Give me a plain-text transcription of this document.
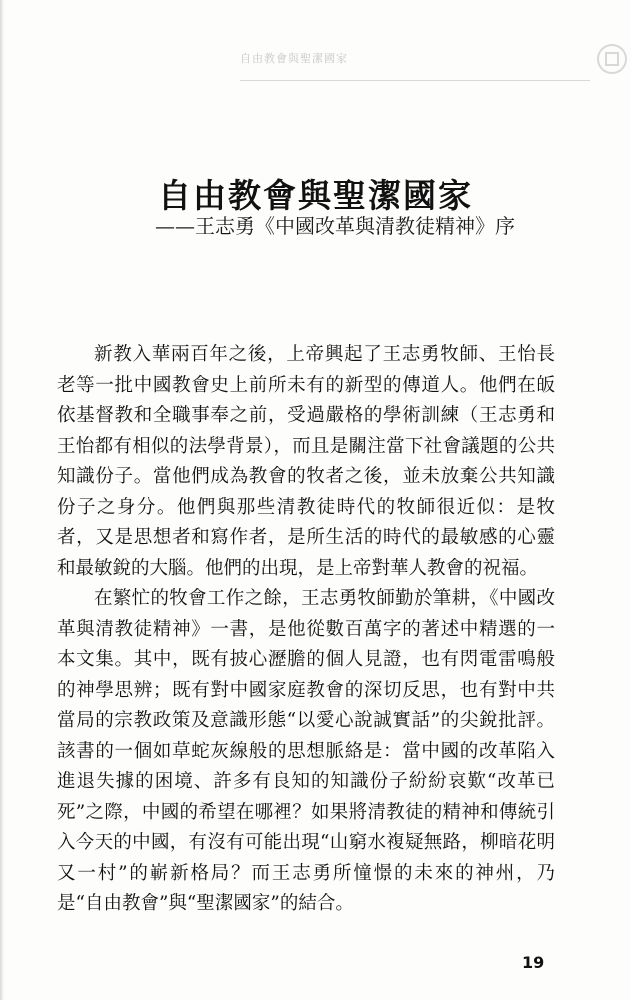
自由教會與聖潔國家
自由教會與聖潔國家
——王志勇《中國改革與清教徒精神》序

新教入華兩百年之後，上帝興起了王志勇牧師、王怡長老等一批中國教會史上前所未有的新型的傳道人。他們在皈依基督教和全職事奉之前，受過嚴格的學術訓練（王志勇和王怡都有相似的法學背景），而且是關注當下社會議題的公共知識份子。當他們成為教會的牧者之後，並未放棄公共知識份子之身分。他們與那些清教徒時代的牧師很近似：是牧者，又是思想者和寫作者，是所生活的時代的最敏感的心靈和最敏銳的大腦。他們的出現，是上帝對華人教會的祝福。

在繁忙的牧會工作之餘，王志勇牧師勤於筆耕，《中國改革與清教徒精神》一書，是他從數百萬字的著述中精選的一本文集。其中，既有披心瀝膽的個人見證，也有閃電雷鳴般的神學思辨；既有對中國家庭教會的深切反思，也有對中共當局的宗教政策及意識形態“以愛心說誠實話”的尖銳批評。該書的一個如草蛇灰線般的思想脈絡是：當中國的改革陷入進退失據的困境、許多有良知的知識份子紛紛哀歎“改革已死”之際，中國的希望在哪裡？如果將清教徒的精神和傳統引入今天的中國，有沒有可能出現“山窮水複疑無路，柳暗花明又一村”的嶄新格局？而王志勇所憧憬的未來的神州，乃是“自由教會”與“聖潔國家”的結合。

19
